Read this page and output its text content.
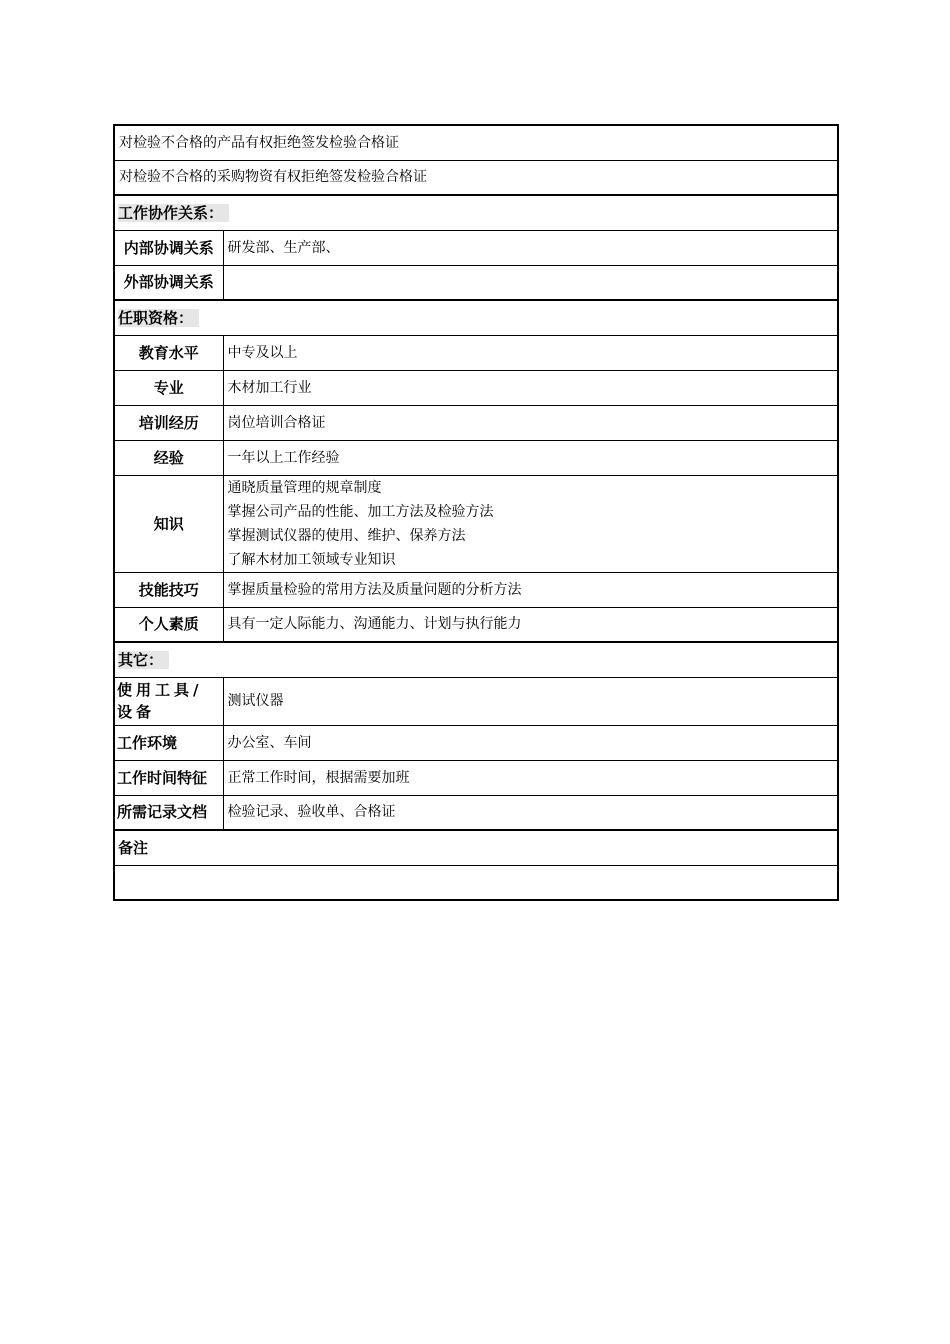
对检验不合格的产品有权拒绝签发检验合格证	
对检验不合格的采购物资有权拒绝签发检验合格证	
工作协作关系：	
内部协调关系	研发部、生产部、
外部协调关系	
任职资格：	
教育水平	中专及以上
专业	木材加工行业
培训经历	岗位培训合格证
经验	一年以上工作经验
知识	通晓质量管理的规章制度
掌握公司产品的性能、加工方法及检验方法
掌握测试仪器的使用、维护、保养方法
了解木材加工领域专业知识

技能技巧	掌握质量检验的常用方法及质量问题的分析方法
个人素质	具有一定人际能力、沟通能力、计划与执行能力
其它：	
使用工具/设备	测试仪器
工作环境	办公室、车间
工作时间特征	正常工作时间，根据需要加班
所需记录文档	检验记录、验收单、合格证
备注	
